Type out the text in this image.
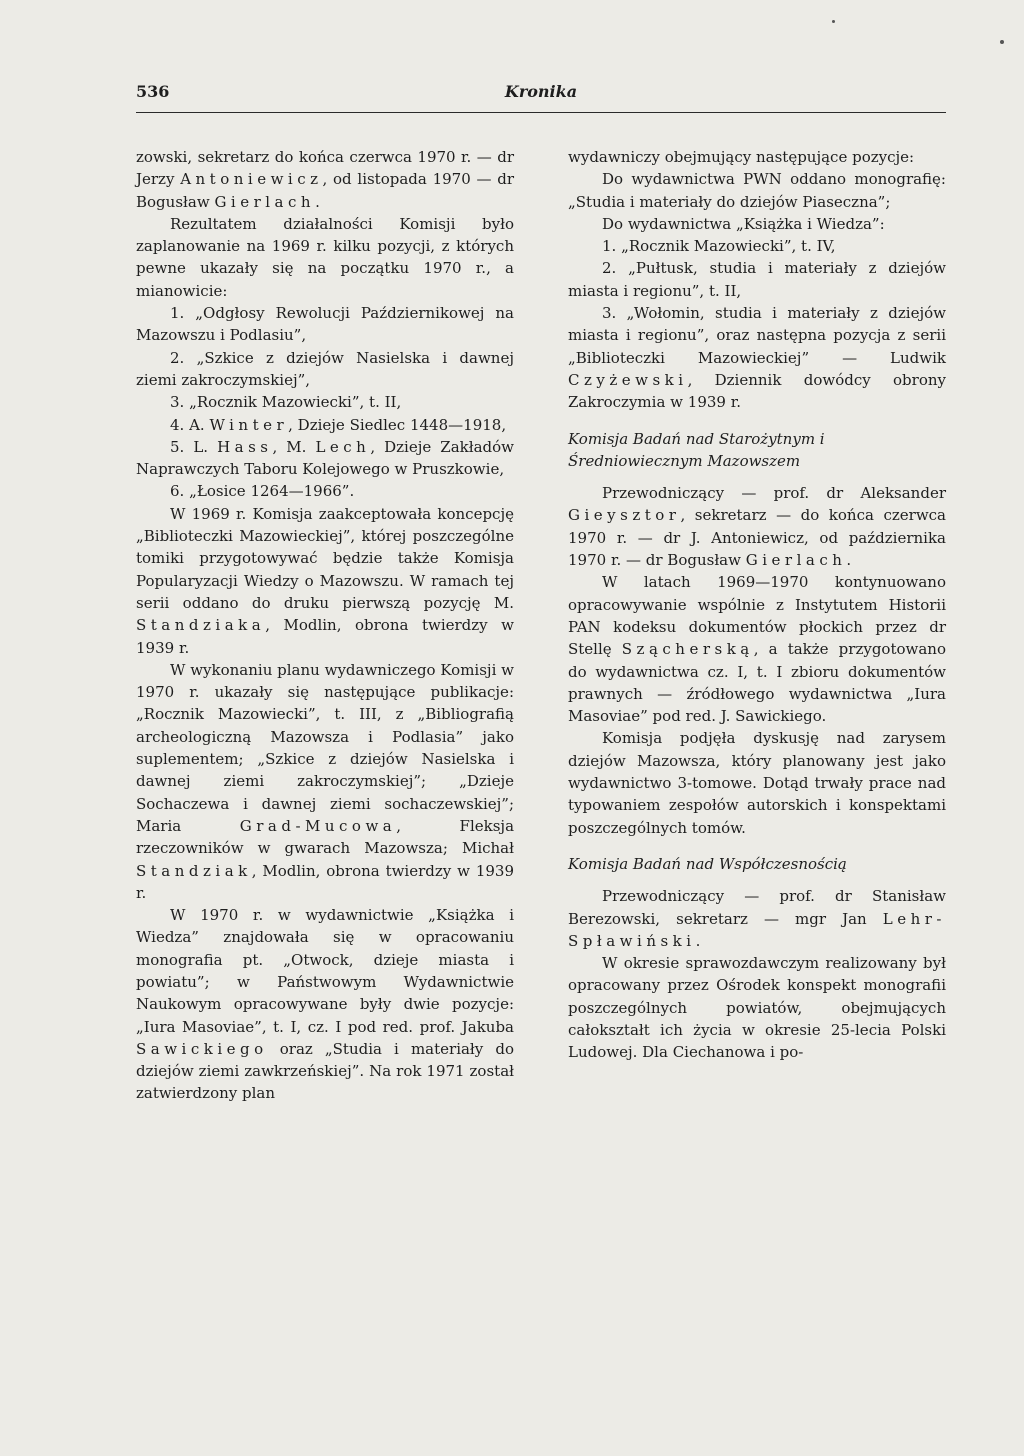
536	Kronika

zowski, sekretarz do końca czerwca 1970 r. — dr Jerzy Antoniewicz, od listopada 1970 — dr Bogusław Gierlach.

Rezultatem działalności Komisji było zaplanowanie na 1969 r. kilku pozycji, z których pewne ukazały się na początku 1970 r., a mianowicie:

1. „Odgłosy Rewolucji Październikowej na Mazowszu i Podlasiu”,

2. „Szkice z dziejów Nasielska i dawnej ziemi zakroczymskiej”,

3. „Rocznik Mazowiecki”, t. II,

4. A. Winter, Dzieje Siedlec 1448—1918,

5. L. Hass, M. Lech, Dzieje Zakładów Naprawczych Taboru Kolejowego w Pruszkowie,

6. „Łosice 1264—1966”.

W 1969 r. Komisja zaakceptowała koncepcję „Biblioteczki Mazowieckiej”, której poszczególne tomiki przygotowywać będzie także Komisja Popularyzacji Wiedzy o Mazowszu. W ramach tej serii oddano do druku pierwszą pozycję M. Standziaka, Modlin, obrona twierdzy w 1939 r.

W wykonaniu planu wydawniczego Komisji w 1970 r. ukazały się następujące publikacje: „Rocznik Mazowiecki”, t. III, z „Bibliografią archeologiczną Mazowsza i Podlasia” jako suplementem; „Szkice z dziejów Nasielska i dawnej ziemi zakroczymskiej”; „Dzieje Sochaczewa i dawnej ziemi sochaczewskiej”; Maria Grad-Mucowa, Fleksja rzeczowników w gwarach Mazowsza; Michał Standziak, Modlin, obrona twierdzy w 1939 r.

W 1970 r. w wydawnictwie „Książka i Wiedza” znajdowała się w opracowaniu monografia pt. „Otwock, dzieje miasta i powiatu”; w Państwowym Wydawnictwie Naukowym opracowywane były dwie pozycje: „Iura Masoviae”, t. I, cz. I pod red. prof. Jakuba Sawickiego oraz „Studia i materiały do dziejów ziemi zawkrzeńskiej”. Na rok 1971 został zatwierdzony plan

wydawniczy obejmujący następujące pozycje:

Do wydawnictwa PWN oddano monografię: „Studia i materiały do dziejów Piaseczna”;

Do wydawnictwa „Książka i Wiedza”:

1. „Rocznik Mazowiecki”, t. IV,

2. „Pułtusk, studia i materiały z dziejów miasta i regionu”, t. II,

3. „Wołomin, studia i materiały z dziejów miasta i regionu”, oraz następna pozycja z serii „Biblioteczki Mazowieckiej” — Ludwik Czyżewski, Dziennik dowódcy obrony Zakroczymia w 1939 r.

Komisja Badań nad Starożytnym i Średniowiecznym Mazowszem

Przewodniczący — prof. dr Aleksander Gieysztor, sekretarz — do końca czerwca 1970 r. — dr J. Antoniewicz, od października 1970 r. — dr Bogusław Gierlach.

W latach 1969—1970 kontynuowano opracowywanie wspólnie z Instytutem Historii PAN kodeksu dokumentów płockich przez dr Stellę Szącherską, a także przygotowano do wydawnictwa cz. I, t. I zbioru dokumentów prawnych — źródłowego wydawnictwa „Iura Masoviae” pod red. J. Sawickiego.

Komisja podjęła dyskusję nad zarysem dziejów Mazowsza, który planowany jest jako wydawnictwo 3-tomowe. Dotąd trwały prace nad typowaniem zespołów autorskich i konspektami poszczególnych tomów.

Komisja Badań nad Współczesnością

Przewodniczący — prof. dr Stanisław Berezowski, sekretarz — mgr Jan Lehr-Spławiński.

W okresie sprawozdawczym realizowany był opracowany przez Ośrodek konspekt monografii poszczególnych powiatów, obejmujących całokształt ich życia w okresie 25-lecia Polski Ludowej. Dla Ciechanowa i po-
